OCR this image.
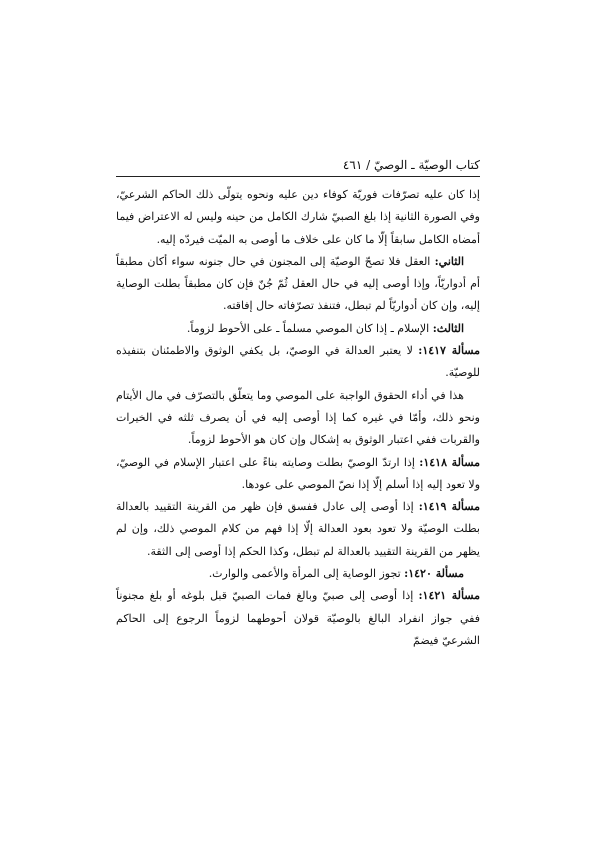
كتاب الوصيّة ـ الوصيّ / ٤٦١

إذا كان عليه تصرّفات فوريّة كوفاء دين عليه ونحوه يتولّى ذلك الحاكم الشرعيّ، وفي الصورة الثانية إذا بلغ الصبيّ شارك الكامل من حينه وليس له الاعتراض فيما أمضاه الكامل سابقاً إلّا ما كان على خلاف ما أوصى به الميّت فيردّه إليه.

الثاني: العقل فلا تصحّ الوصيّة إلى المجنون في حال جنونه سواء أكان مطبقاً أم أدواريّاً، وإذا أوصى إليه في حال العقل ثُمّ جُنّ فإن كان مطبقاً بطلت الوصاية إليه، وإن كان أدواريّاً لم تبطل، فتنفذ تصرّفاته حال إفاقته.

الثالث: الإسلام ـ إذا كان الموصي مسلماً ـ على الأحوط لزوماً.

مسألة ١٤١٧: لا يعتبر العدالة في الوصيّ، بل يكفي الوثوق والاطمئنان بتنفيذه للوصيّة.

هذا في أداء الحقوق الواجبة على الموصي وما يتعلّق بالتصرّف في مال الأيتام ونحو ذلك، وأمّا في غيره كما إذا أوصى إليه في أن يصرف ثلثه في الخيرات والقربات ففي اعتبار الوثوق به إشكال وإن كان هو الأحوط لزوماً.

مسألة ١٤١٨: إذا ارتدّ الوصيّ بطلت وصايته بناءً على اعتبار الإسلام في الوصيّ، ولا تعود إليه إذا أسلم إلّا إذا نصّ الموصي على عودها.

مسألة ١٤١٩: إذا أوصى إلى عادل ففسق فإن ظهر من القرينة التقييد بالعدالة بطلت الوصيّة ولا تعود بعود العدالة إلّا إذا فهم من كلام الموصي ذلك، وإن لم يظهر من القرينة التقييد بالعدالة لم تبطل، وكذا الحكم إذا أوصى إلى الثقة.

مسألة ١٤٢٠: تجوز الوصاية إلى المرأة والأعمى والوارث.

مسألة ١٤٢١: إذا أوصى إلى صبيّ وبالغ فمات الصبيّ قبل بلوغه أو بلغ مجنوناً ففي جواز انفراد البالغ بالوصيّة قولان أحوطهما لزوماً الرجوع إلى الحاكم الشرعيّ فيضمّ
